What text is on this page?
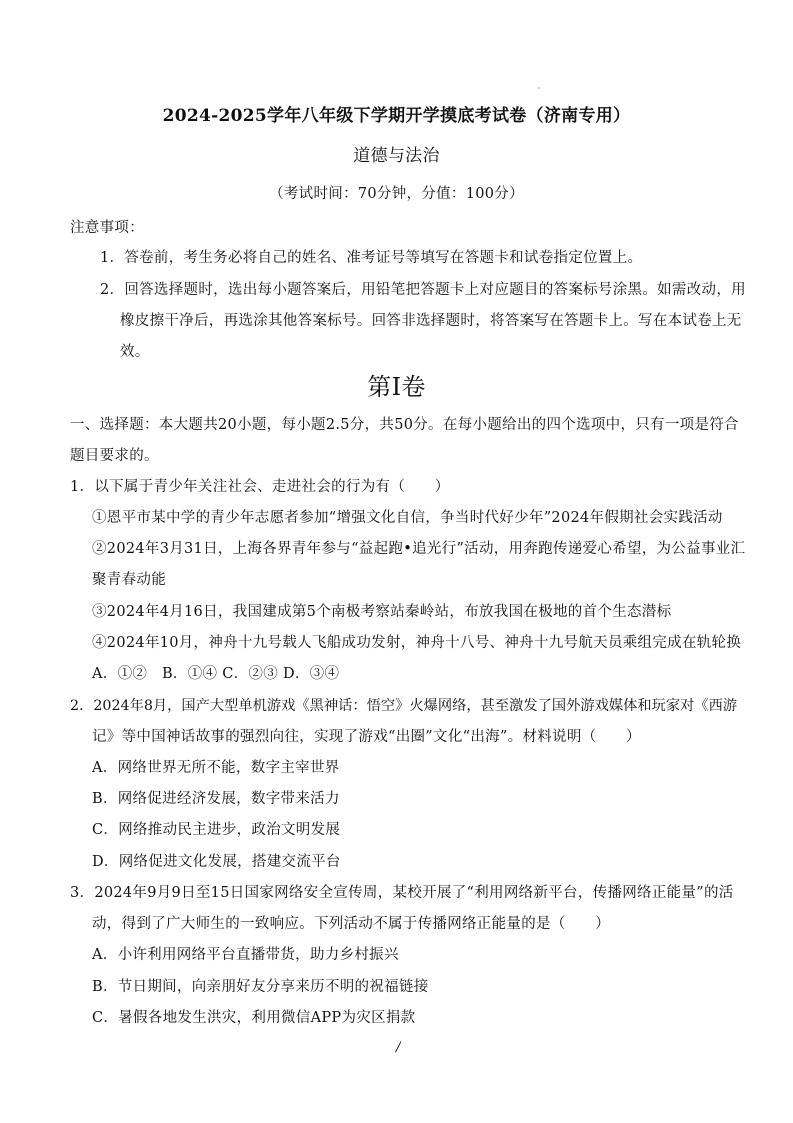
2024-2025学年八年级下学期开学摸底考试卷（济南专用）
道德与法治
（考试时间：70分钟，分值：100分）
注意事项：
1．答卷前，考生务必将自己的姓名、准考证号等填写在答题卡和试卷指定位置上。
2．回答选择题时，选出每小题答案后，用铅笔把答题卡上对应题目的答案标号涂黑。如需改动，用
橡皮擦干净后，再选涂其他答案标号。回答非选择题时，将答案写在答题卡上。写在本试卷上无
效。
第Ⅰ卷
一、选择题：本大题共20小题，每小题2.5分，共50分。在每小题给出的四个选项中，只有一项是符合
题目要求的。
1．以下属于青少年关注社会、走进社会的行为有（　　）
①恩平市某中学的青少年志愿者参加“增强文化自信，争当时代好少年”2024年假期社会实践活动
②2024年3月31日，上海各界青年参与“益起跑•追光行”活动，用奔跑传递爱心希望，为公益事业汇
聚青春动能
③2024年4月16日，我国建成第5个南极考察站秦岭站，布放我国在极地的首个生态潜标
④2024年10月，神舟十九号载人飞船成功发射，神舟十八号、神舟十九号航天员乘组完成在轨轮换
A．①②　B．①④ C．②③ D．③④
2．2024年8月，国产大型单机游戏《黑神话：悟空》火爆网络，甚至激发了国外游戏媒体和玩家对《西游
记》等中国神话故事的强烈向往，实现了游戏“出圈”文化“出海”。材料说明（　　）
A．网络世界无所不能，数字主宰世界
B．网络促进经济发展，数字带来活力
C．网络推动民主进步，政治文明发展
D．网络促进文化发展，搭建交流平台
3．2024年9月9日至15日国家网络安全宣传周，某校开展了“利用网络新平台，传播网络正能量”的活
动，得到了广大师生的一致响应。下列活动不属于传播网络正能量的是（　　）
A．小许利用网络平台直播带货，助力乡村振兴
B．节日期间，向亲朋好友分享来历不明的祝福链接
C．暑假各地发生洪灾，利用微信APP为灾区捐款
/
